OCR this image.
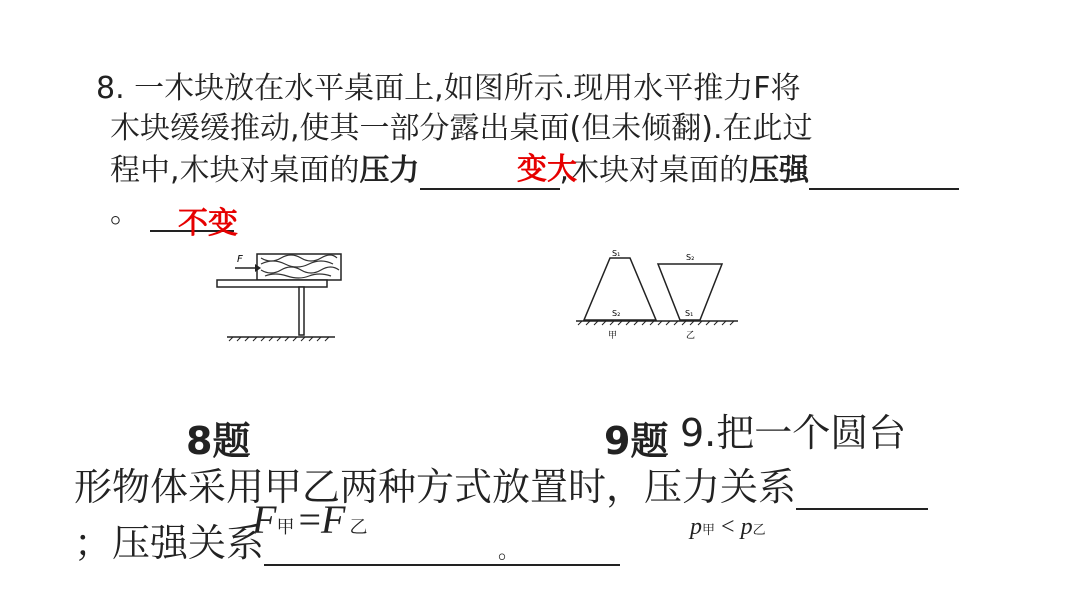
8. 一木块放在水平桌面上,如图所示.现用水平推力F将
木块缓缓推动,使其一部分露出桌面(但未倾翻).在此过
程中,木块对桌面的压力	,木块对桌面的压强
。
变大
不变
F
S₁
S₂
S₂
S₁
甲	乙
8题	9题 9.把一个圆台
形物体采用甲乙两种方式放置时，压力关系
；压强关系	。
F甲 =F 乙	p甲 < p乙
